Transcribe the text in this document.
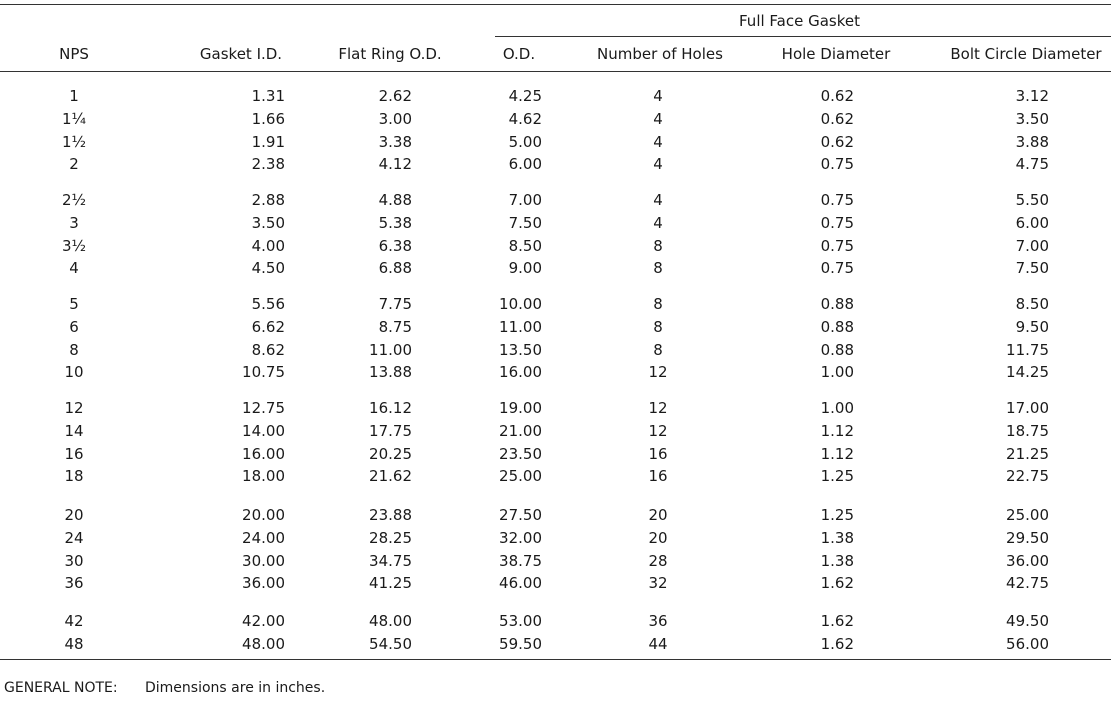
Full Face Gasket
NPS	Gasket I.D.	Flat Ring O.D.	O.D.	Number of Holes	Hole Diameter	Bolt Circle Diameter
1	1.31	2.62	4.25	4	0.62	3.12
1¼	1.66	3.00	4.62	4	0.62	3.50
1½	1.91	3.38	5.00	4	0.62	3.88
2	2.38	4.12	6.00	4	0.75	4.75
2½	2.88	4.88	7.00	4	0.75	5.50
3	3.50	5.38	7.50	4	0.75	6.00
3½	4.00	6.38	8.50	8	0.75	7.00
4	4.50	6.88	9.00	8	0.75	7.50
5	5.56	7.75	10.00	8	0.88	8.50
6	6.62	8.75	11.00	8	0.88	9.50
8	8.62	11.00	13.50	8	0.88	11.75
10	10.75	13.88	16.00	12	1.00	14.25
12	12.75	16.12	19.00	12	1.00	17.00
14	14.00	17.75	21.00	12	1.12	18.75
16	16.00	20.25	23.50	16	1.12	21.25
18	18.00	21.62	25.00	16	1.25	22.75
20	20.00	23.88	27.50	20	1.25	25.00
24	24.00	28.25	32.00	20	1.38	29.50
30	30.00	34.75	38.75	28	1.38	36.00
36	36.00	41.25	46.00	32	1.62	42.75
42	42.00	48.00	53.00	36	1.62	49.50
48	48.00	54.50	59.50	44	1.62	56.00
GENERAL NOTE: Dimensions are in inches.
